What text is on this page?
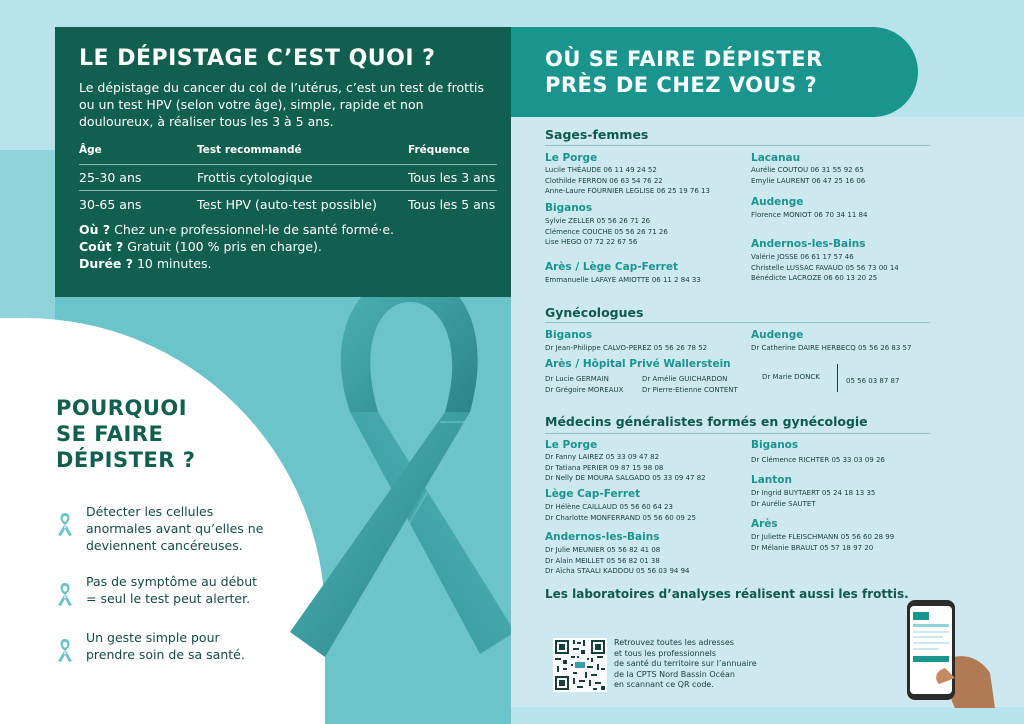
LE DÉPISTAGE C’EST QUOI ?

Le dépistage du cancer du col de l’utérus, c’est un test de frottis ou un test HPV (selon votre âge), simple, rapide et non douloureux, à réaliser tous les 3 à 5 ans.

Âge	Test recommandé	Fréquence
25-30 ans	Frottis cytologique	Tous les 3 ans
30-65 ans	Test HPV (auto-test possible)	Tous les 5 ans
Où ? Chez un·e professionnel·le de santé formé·e.
Coût ? Gratuit (100 % pris en charge).
Durée ? 10 minutes.
POURQUOI
SE FAIRE
DÉPISTER ?
Détecter les cellules anormales avant qu’elles ne deviennent cancéreuses.
Pas de symptôme au début = seul le test peut alerter.
Un geste simple pour prendre soin de sa santé.
OÙ SE FAIRE DÉPISTER
PRÈS DE CHEZ VOUS ?
Sages-femmes
Le Porge
Lucile THÉAUDE 06 11 49 24 52
Clothilde FERRON 06 63 54 76 22
Anne-Laure FOURNIER LEGLISE 06 25 19 76 13
Biganos
Sylvie ZELLER 05 56 26 71 26
Clémence COUCHE 05 56 26 71 26
Lise HEGO 07 72 22 67 56
Arès / Lège Cap-Ferret
Emmanuelle LAFAYE AMIOTTE 06 11 2 84 33
Lacanau
Aurélie COUTOU 06 31 55 92 65
Emylie LAURENT 06 47 25 16 06
Audenge
Florence MONIOT 06 70 34 11 84
Andernos-les-Bains
Valérie JOSSE 06 61 17 57 46
Christelle LUSSAC FAVAUD 05 56 73 00 14
Bénédicte LACROZE 06 60 13 20 25
Gynécologues
Biganos
Dr Jean-Philippe CALVO-PEREZ 05 56 26 78 52
Audenge
Dr Catherine DAIRE HERBECQ 05 56 26 83 57
Arès / Hôpital Privé Wallerstein
Dr Lucie GERMAIN
Dr Grégoire MOREAUX
Dr Amélie GUICHARDON
Dr Pierre-Etienne CONTENT
Dr Marie DONCK	05 56 03 87 87
Médecins généralistes formés en gynécologie
Le Porge
Dr Fanny LAIREZ 05 33 09 47 82
Dr Tatiana PERIER 09 87 15 98 08
Dr Nelly DE MOURA SALGADO 05 33 09 47 82
Lège Cap-Ferret
Dr Hélène CAILLAUD 05 56 60 64 23
Dr Charlotte MONFERRAND 05 56 60 09 25
Andernos-les-Bains
Dr Julie MEUNIER 05 56 82 41 08
Dr Alain MEILLET 05 56 82 01 38
Dr Aïcha STAALI KADDOU 05 56 03 94 94
Biganos
Dr Clémence RICHTER 05 33 03 09 26
Lanton
Dr Ingrid BUYTAERT 05 24 18 13 35
Dr Aurélie SAUTET
Arès
Dr Juliette FLEISCHMANN 05 56 60 28 99
Dr Mélanie BRAULT 05 57 18 97 20
Les laboratoires d’analyses réalisent aussi les frottis.
Retrouvez toutes les adresses
et tous les professionnels
de santé du territoire sur l’annuaire
de la CPTS Nord Bassin Océan
en scannant ce QR code.
